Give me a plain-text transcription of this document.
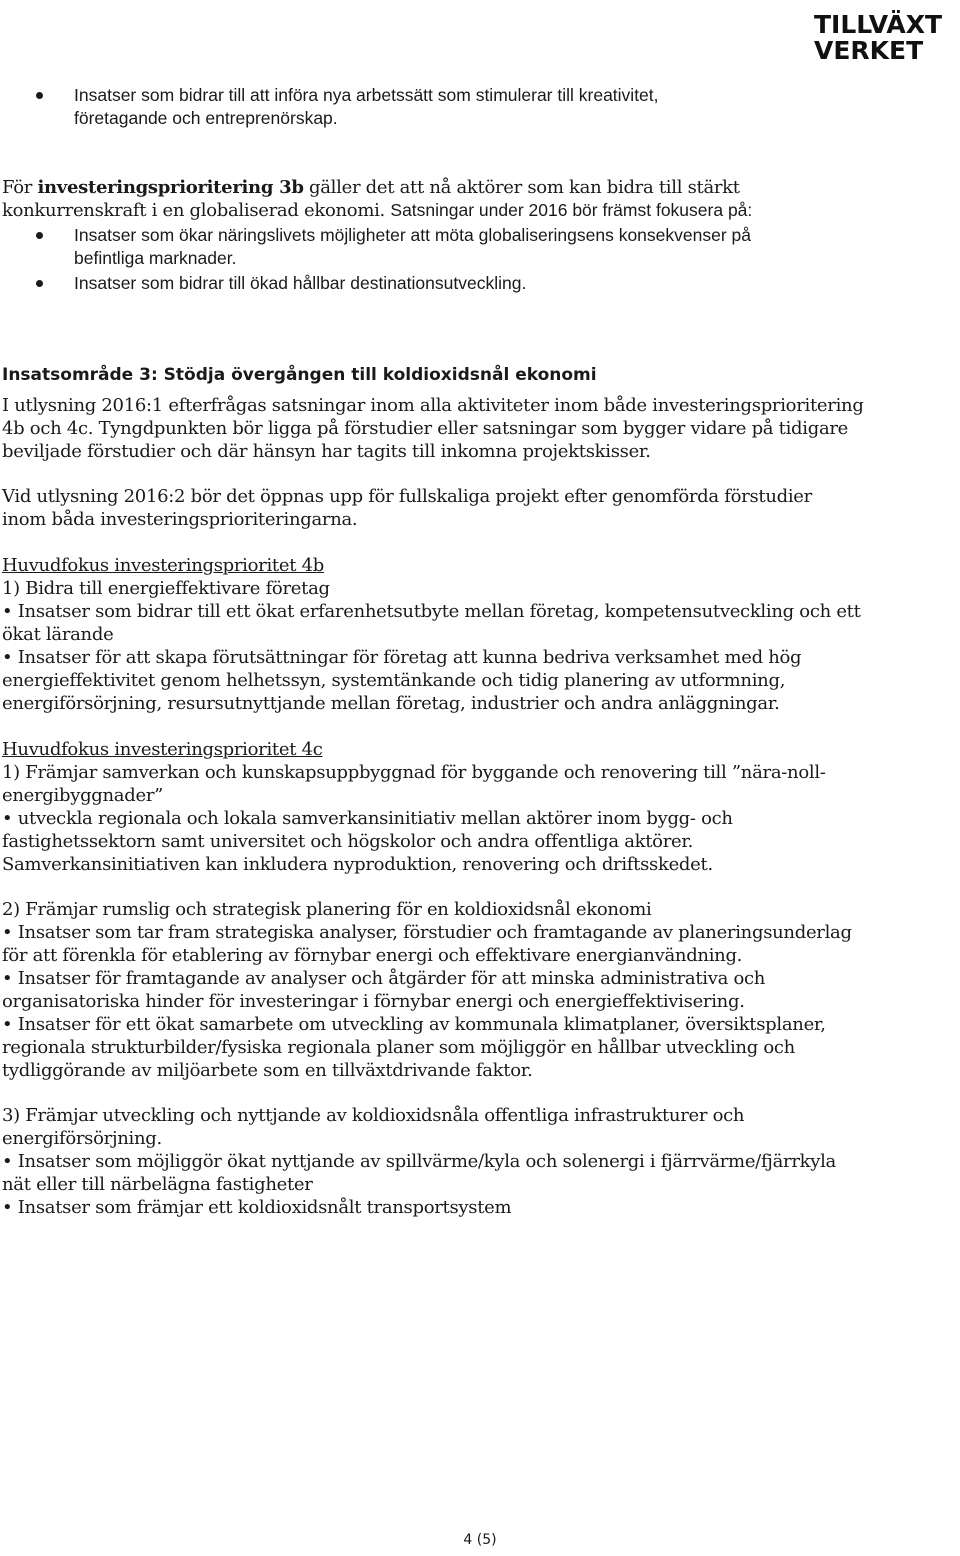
TILLVÄXT
VERKET
Insatser som bidrar till att införa nya arbetssätt som stimulerar till kreativitet,
företagande och entreprenörskap.
För investeringsprioritering 3b gäller det att nå aktörer som kan bidra till stärkt
konkurrenskraft i en globaliserad ekonomi. Satsningar under 2016 bör främst fokusera på:
Insatser som ökar näringslivets möjligheter att möta globaliseringsens konsekvenser på
befintliga marknader.
Insatser som bidrar till ökad hållbar destinationsutveckling.
Insatsområde 3: Stödja övergången till koldioxidsnål ekonomi
I utlysning 2016:1 efterfrågas satsningar inom alla aktiviteter inom både investeringsprioritering
4b och 4c. Tyngdpunkten bör ligga på förstudier eller satsningar som bygger vidare på tidigare
beviljade förstudier och där hänsyn har tagits till inkomna projektskisser.
Vid utlysning 2016:2 bör det öppnas upp för fullskaliga projekt efter genomförda förstudier
inom båda investeringsprioriteringarna.
Huvudfokus investeringsprioritet 4b
1) Bidra till energieffektivare företag
• Insatser som bidrar till ett ökat erfarenhetsutbyte mellan företag, kompetensutveckling och ett
ökat lärande
• Insatser för att skapa förutsättningar för företag att kunna bedriva verksamhet med hög
energieffektivitet genom helhetssyn, systemtänkande och tidig planering av utformning,
energiförsörjning, resursutnyttjande mellan företag, industrier och andra anläggningar.
Huvudfokus investeringsprioritet 4c
1) Främjar samverkan och kunskapsuppbyggnad för byggande och renovering till ”nära-noll-
energibyggnader”
• utveckla regionala och lokala samverkansinitiativ mellan aktörer inom bygg- och
fastighetssektorn samt universitet och högskolor och andra offentliga aktörer.
Samverkansinitiativen kan inkludera nyproduktion, renovering och driftsskedet.
2) Främjar rumslig och strategisk planering för en koldioxidsnål ekonomi
• Insatser som tar fram strategiska analyser, förstudier och framtagande av planeringsunderlag
för att förenkla för etablering av förnybar energi och effektivare energianvändning.
• Insatser för framtagande av analyser och åtgärder för att minska administrativa och
organisatoriska hinder för investeringar i förnybar energi och energieffektivisering.
• Insatser för ett ökat samarbete om utveckling av kommunala klimatplaner, översiktsplaner,
regionala strukturbilder/fysiska regionala planer som möjliggör en hållbar utveckling och
tydliggörande av miljöarbete som en tillväxtdrivande faktor.
3) Främjar utveckling och nyttjande av koldioxidsnåla offentliga infrastrukturer och
energiförsörjning.
• Insatser som möjliggör ökat nyttjande av spillvärme/kyla och solenergi i fjärrvärme/fjärrkyla
nät eller till närbelägna fastigheter
• Insatser som främjar ett koldioxidsnålt transportsystem
4 (5)
